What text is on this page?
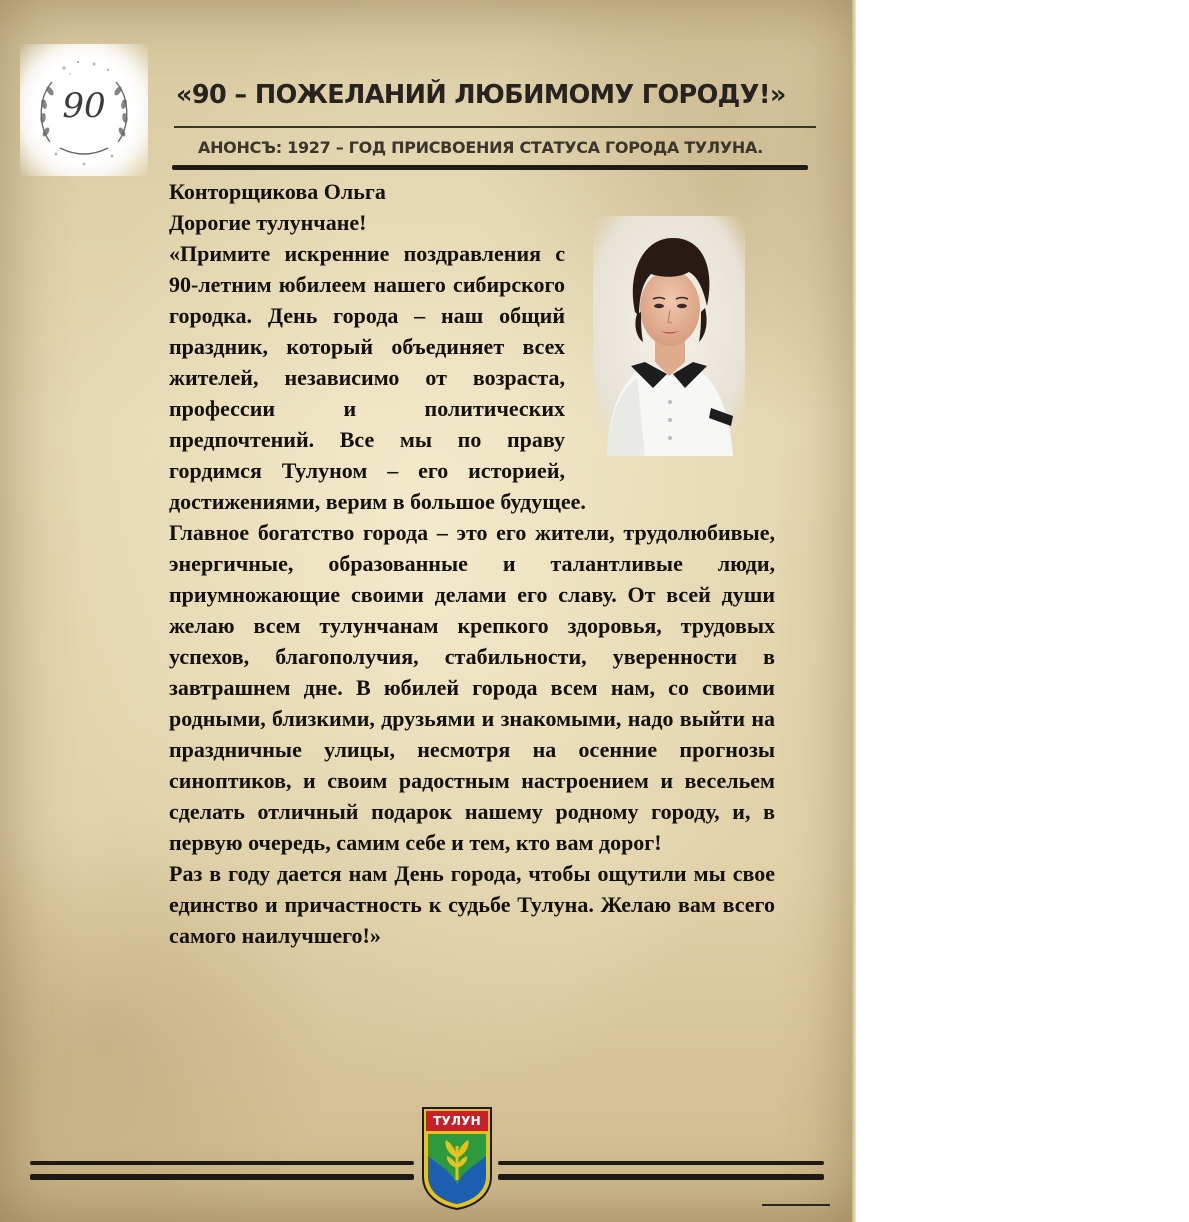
90	«90 – ПОЖЕЛАНИЙ ЛЮБИМОМУ ГОРОДУ!»
АНОНСЪ: 1927 – ГОД ПРИСВОЕНИЯ СТАТУСА ГОРОДА ТУЛУНА.
Конторщикова Ольга
Дорогие тулунчане!

«Примите искренние поздравления с 90-летним юбилеем нашего сибирского городка. День города – наш общий праздник, который объединяет всех жителей, независимо от возраста, профессии и политических предпочтений. Все мы по праву гордимся Тулуном – его историей, достижениями, верим в большое будущее.

Главное богатство города – это его жители, трудолюбивые, энергичные, образованные и талантливые люди, приумножающие своими делами его славу. От всей души желаю всем тулунчанам крепкого здоровья, трудовых успехов, благополучия, стабильности, уверенности в завтрашнем дне. В юбилей города всем нам, со своими родными, близкими, друзьями и знакомыми, надо выйти на праздничные улицы, несмотря на осенние прогнозы синоптиков, и своим радостным настроением и весельем сделать отличный подарок нашему родному городу, и, в первую очередь, самим себе и тем, кто вам дорог!

Раз в году дается нам День города, чтобы ощутили мы свое единство и причастность к судьбе Тулуна. Желаю вам всего самого наилучшего!»

ТУЛУН
